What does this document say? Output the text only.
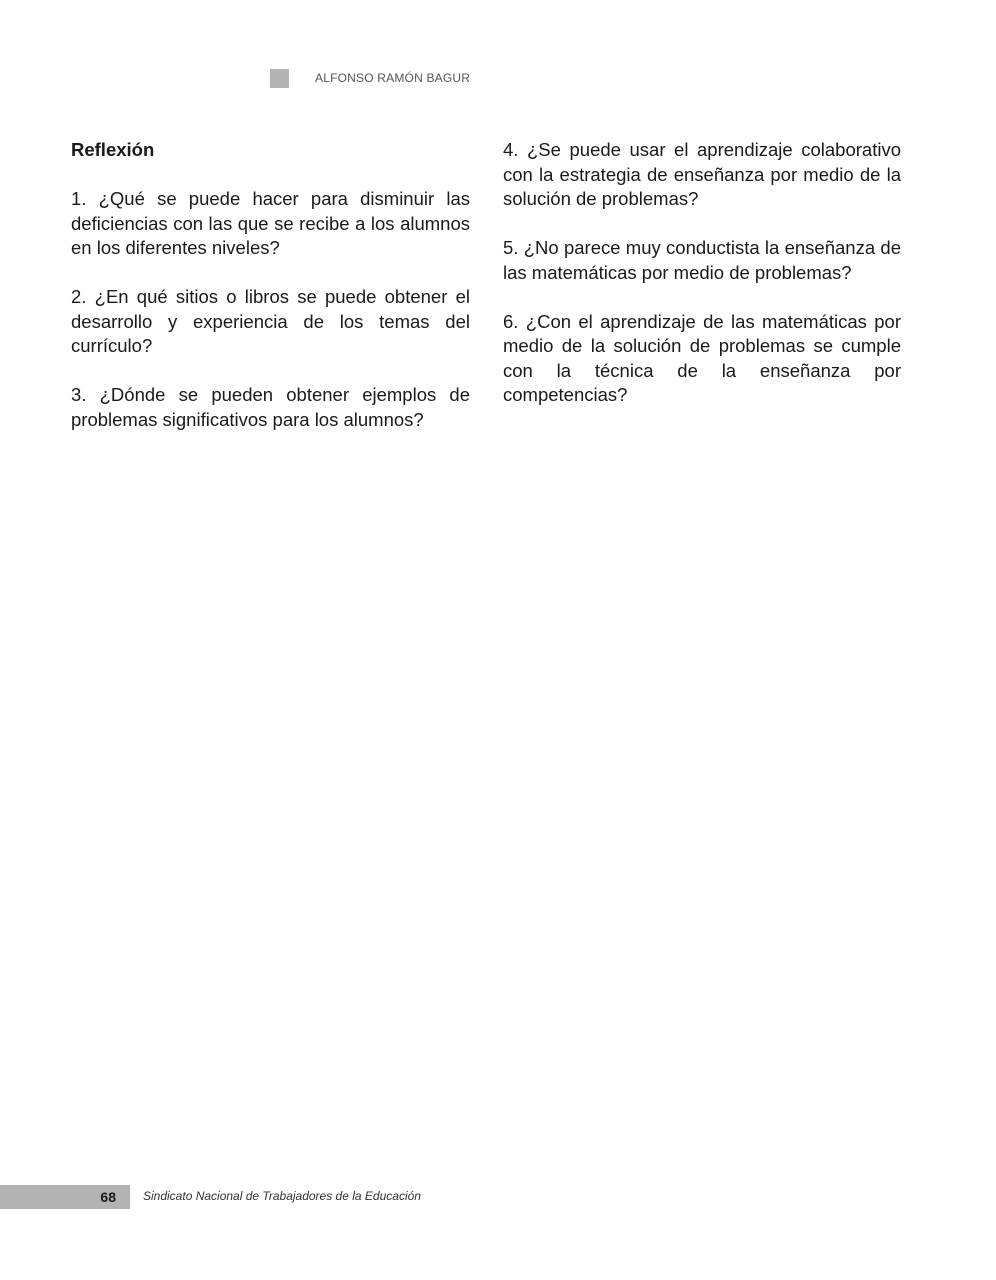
ALFONSO RAMÓN BAGUR

Reflexión

1. ¿Qué se puede hacer para disminuir las deficiencias con las que se recibe a los alumnos en los diferentes niveles?

2. ¿En qué sitios o libros se puede obtener el desarrollo y experiencia de los temas del currículo?

3. ¿Dónde se pueden obtener ejemplos de problemas significativos para los alumnos?

4. ¿Se puede usar el aprendizaje colaborativo con la estrategia de enseñanza por medio de la solución de problemas?

5. ¿No parece muy conductista la enseñanza de las matemáticas por medio de problemas?

6. ¿Con el aprendizaje de las matemáticas por medio de la solución de problemas se cumple con la técnica de la enseñanza por competencias?

68 Sindicato Nacional de Trabajadores de la Educación
